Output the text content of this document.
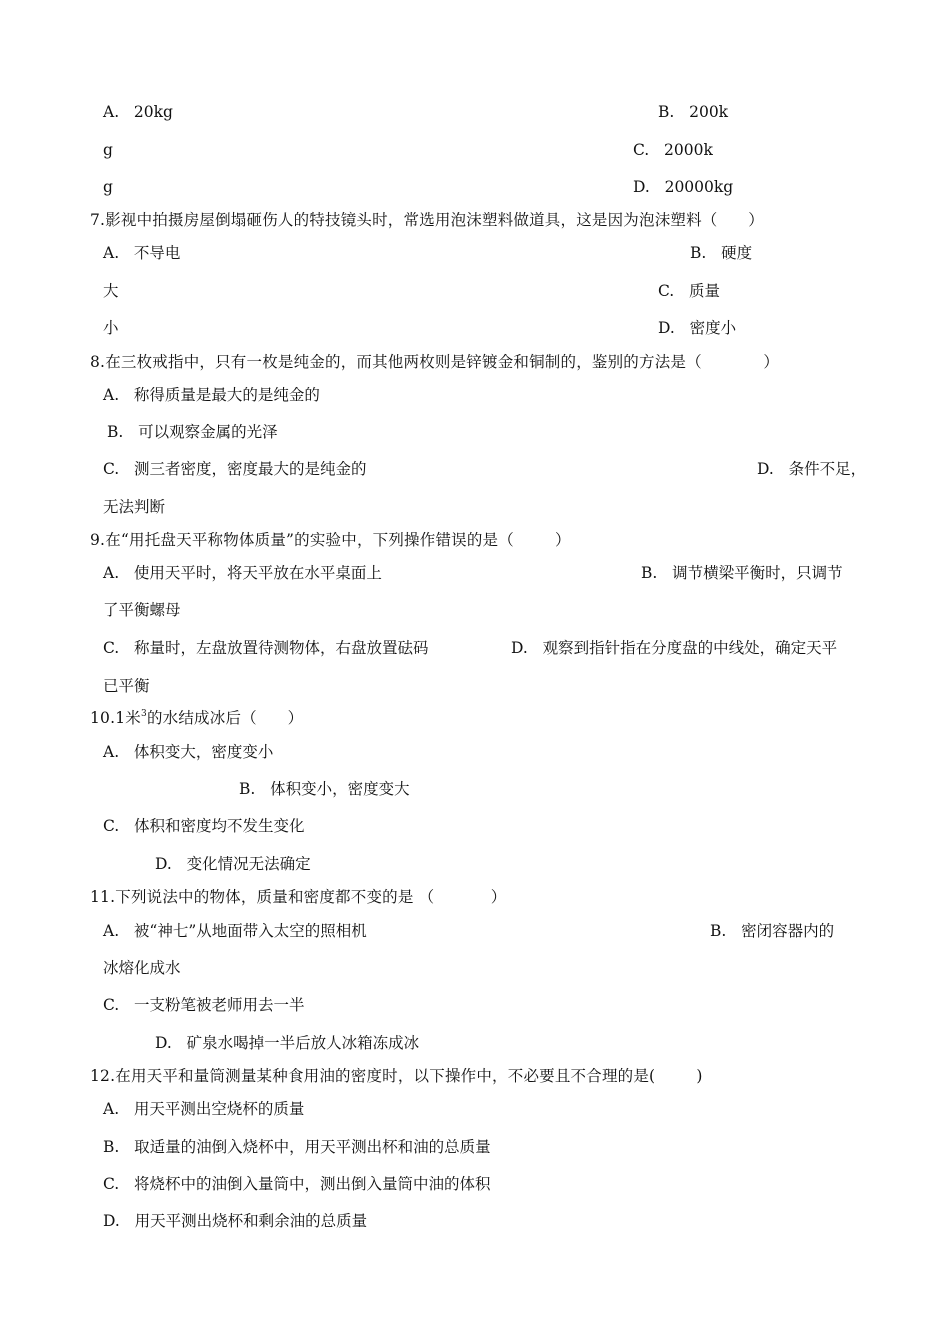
A.   20kg	B.   200k
g	C.   2000k
g	D.   20000kg
7.影视中拍摄房屋倒塌砸伤人的特技镜头时，常选用泡沫塑料做道具，这是因为泡沫塑料（      ）
A.   不导电	B.   硬度
大	C.   质量
小	D.   密度小
8.在三枚戒指中，只有一枚是纯金的，而其他两枚则是锌镀金和铜制的，鉴别的方法是（            ）
A.   称得质量是最大的是纯金的
B.   可以观察金属的光泽
C.   测三者密度，密度最大的是纯金的	D.   条件不足，
无法判断
9.在“用托盘天平称物体质量”的实验中，下列操作错误的是（        ）
A.   使用天平时，将天平放在水平桌面上	B.   调节横梁平衡时，只调节
了平衡螺母
C.   称量时，左盘放置待测物体，右盘放置砝码	D.   观察到指针指在分度盘的中线处，确定天平
已平衡
10.1米$^3$的水结成冰后（      ）
A.   体积变大，密度变小
B.   体积变小，密度变大
C.   体积和密度均不发生变化
D.   变化情况无法确定
11.下列说法中的物体，质量和密度都不变的是 （           ）
A.   被“神七”从地面带入太空的照相机	B.   密闭容器内的
冰熔化成水
C.   一支粉笔被老师用去一半
D.   矿泉水喝掉一半后放人冰箱冻成冰
12.在用天平和量筒测量某种食用油的密度时，以下操作中，不必要且不合理的是(        )
A.   用天平测出空烧杯的质量
B.   取适量的油倒入烧杯中，用天平测出杯和油的总质量
C.   将烧杯中的油倒入量筒中，测出倒入量筒中油的体积
D.   用天平测出烧杯和剩余油的总质量
